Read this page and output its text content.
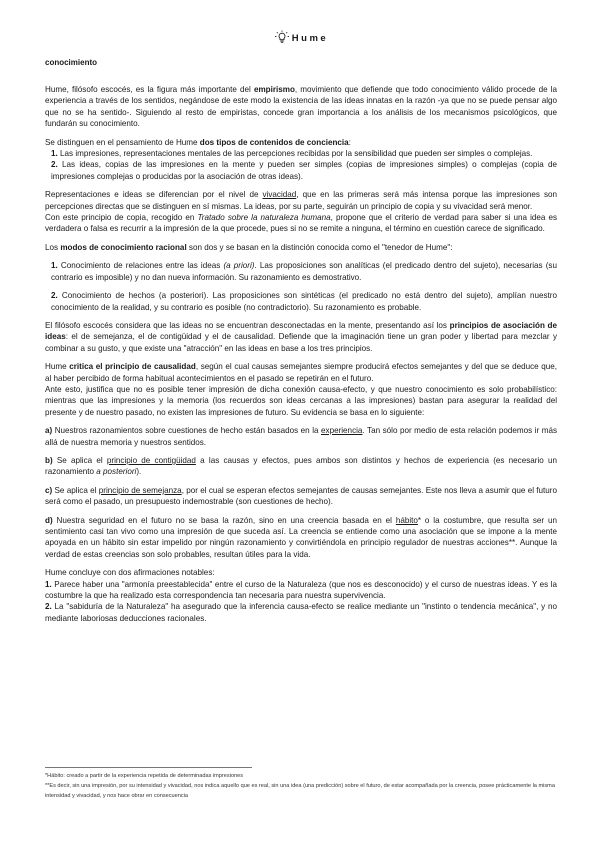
Hume
conocimiento

Hume, filósofo escocés, es la figura más importante del empirismo, movimiento que defiende que todo conocimiento válido procede de la experiencia a través de los sentidos, negándose de este modo la existencia de las ideas innatas en la razón -ya que no se puede pensar algo que no se ha sentido-. Siguiendo al resto de empiristas, concede gran importancia a los análisis de los mecanismos psicológicos, que fundarán su conocimiento.

Se distinguen en el pensamiento de Hume dos tipos de contenidos de conciencia:

1. Las impresiones, representaciones mentales de las percepciones recibidas por la sensibilidad que pueden ser simples o complejas.

2. Las ideas, copias de las impresiones en la mente y pueden ser simples (copias de impresiones simples) o complejas (copia de impresiones complejas o producidas por la asociación de otras ideas).

Representaciones e ideas se diferencian por el nivel de vivacidad, que en las primeras será más intensa porque las impresiones son percepciones directas que se distinguen en sí mismas. La ideas, por su parte, seguirán un principio de copia y su vivacidad será menor.

Con este principio de copia, recogido en Tratado sobre la naturaleza humana, propone que el criterio de verdad para saber si una idea es verdadera o falsa es recurrir a la impresión de la que procede, pues si no se remite a ninguna, el término en cuestión carece de significado.

Los modos de conocimiento racional son dos y se basan en la distinción conocida como el "tenedor de Hume":

1. Conocimiento de relaciones entre las ideas (a priori). Las proposiciones son analíticas (el predicado dentro del sujeto), necesarias (su contrario es imposible) y no dan nueva información. Su razonamiento es demostrativo.

2. Conocimiento de hechos (a posteriori). Las proposiciones son sintéticas (el predicado no está dentro del sujeto), amplían nuestro conocimiento de la realidad, y su contrario es posible (no contradictorio). Su razonamiento es probable.

El filósofo escocés considera que las ideas no se encuentran desconectadas en la mente, presentando así los principios de asociación de ideas: el de semejanza, el de contigüidad y el de causalidad. Defiende que la imaginación tiene un gran poder y libertad para mezclar y combinar a su gusto, y que existe una "atracción" en las ideas en base a los tres principios.

Hume critica el principio de causalidad, según el cual causas semejantes siempre producirá efectos semejantes y del que se deduce que, al haber percibido de forma habitual acontecimientos en el pasado se repetirán en el futuro.

Ante esto, justifica que no es posible tener impresión de dicha conexión causa-efecto, y que nuestro conocimiento es solo probabilístico: mientras que las impresiones y la memoria (los recuerdos son ideas cercanas a las impresiones) bastan para asegurar la realidad del presente y de nuestro pasado, no existen las impresiones de futuro. Su evidencia se basa en lo siguiente:

a) Nuestros razonamientos sobre cuestiones de hecho están basados en la experiencia. Tan sólo por medio de esta relación podemos ir más allá de nuestra memoria y nuestros sentidos.

b) Se aplica el principio de contigüidad a las causas y efectos, pues ambos son distintos y hechos de experiencia (es necesario un razonamiento a posteriori).

c) Se aplica el principio de semejanza, por el cual se esperan efectos semejantes de causas semejantes. Este nos lleva a asumir que el futuro será como el pasado, un presupuesto indemostrable (son cuestiones de hecho).

d) Nuestra seguridad en el futuro no se basa la razón, sino en una creencia basada en el hábito* o la costumbre, que resulta ser un sentimiento casi tan vivo como una impresión de que suceda así. La creencia se entiende como una asociación que se impone a la mente apoyada en un hábito sin estar impelido por ningún razonamiento y convirtiéndola en principio regulador de nuestras acciones**. Aunque la verdad de estas creencias son solo probables, resultan útiles para la vida.

Hume concluye con dos afirmaciones notables:

1. Parece haber una "armonía preestablecida" entre el curso de la Naturaleza (que nos es desconocido) y el curso de nuestras ideas. Y es la costumbre la que ha realizado esta correspondencia tan necesaria para nuestra supervivencia.

2. La "sabiduría de la Naturaleza" ha asegurado que la inferencia causa-efecto se realice mediante un "instinto o tendencia mecánica", y no mediante laboriosas deducciones racionales.

*Hábito: creado a partir de la experiencia repetida de determinadas impresiones
**Es decir, sin una impresión, por su intensidad y vivacidad, nos indica aquello que es real, sin una idea (una predicción) sobre el futuro, de estar acompañada por la creencia, posee prácticamente la misma intensidad y vivacidad, y nos hace obrar en consecuencia
